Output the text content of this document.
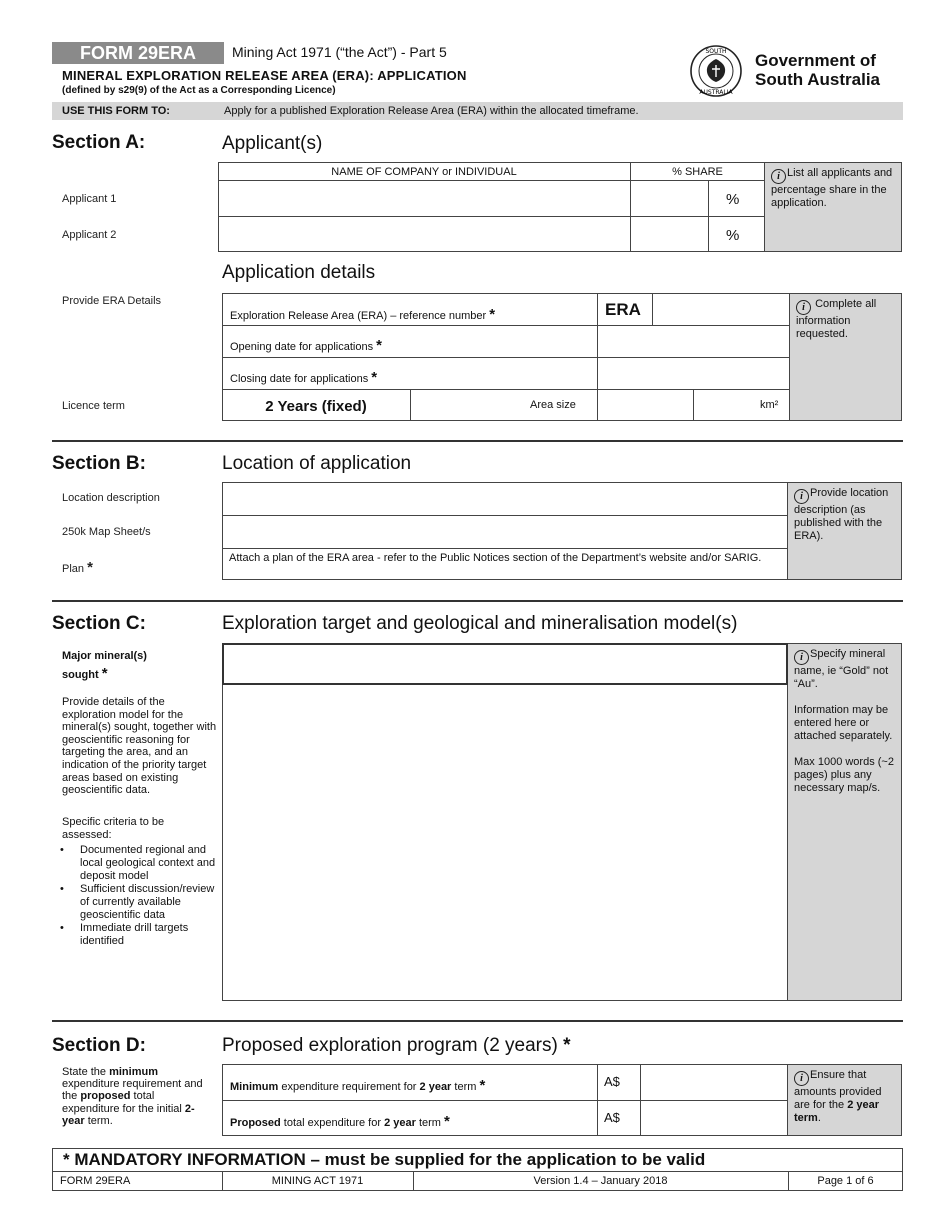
FORM 29ERA	Mining Act 1971 (“the Act”) - Part 5
MINERAL EXPLORATION RELEASE AREA (ERA): APPLICATION
(defined by s29(9) of the Act as a Corresponding Licence)
SOUTH
AUSTRALIA
Government of
South Australia
USE THIS FORM TO:	Apply for a published Exploration Release Area (ERA) within the allocated timeframe.
Section A:	Applicant(s)
NAME OF COMPANY or INDIVIDUAL	% SHARE
Applicant 1	%
Applicant 2	%
i List all applicants and percentage share in the application.
Application details
Provide ERA Details
Exploration Release Area (ERA) – reference number *	ERA
Opening date for applications *
Closing date for applications *
Licence term	2 Years (fixed)	Area size	km²
i Complete all information requested.
Section B:	Location of application
Location description
250k Map Sheet/s
Plan *
Attach a plan of the ERA area - refer to the Public Notices section of the Department’s website and/or SARIG.
i Provide location description (as published with the ERA).
Section C:	Exploration target and geological and mineralisation model(s)
Major mineral(s) sought *
Provide details of the exploration model for the mineral(s) sought, together with geoscientific reasoning for targeting the area, and an indication of the priority target areas based on existing geoscientific data.
Specific criteria to be assessed:
• Documented regional and local geological context and deposit model
• Sufficient discussion/review of currently available geoscientific data
• Immediate drill targets identified
i Specify mineral name, ie “Gold” not “Au”.
Information may be entered here or attached separately.
Max 1000 words (~2 pages) plus any necessary map/s.
Section D:	Proposed exploration program (2 years) *
State the minimum expenditure requirement and the proposed total expenditure for the initial 2-year term.
Minimum expenditure requirement for 2 year term *	A$
Proposed total expenditure for 2 year term *	A$
i Ensure that amounts provided are for the 2 year term.
* MANDATORY INFORMATION – must be supplied for the application to be valid
FORM 29ERA	MINING ACT 1971	Version 1.4 – January 2018	Page 1 of 6
